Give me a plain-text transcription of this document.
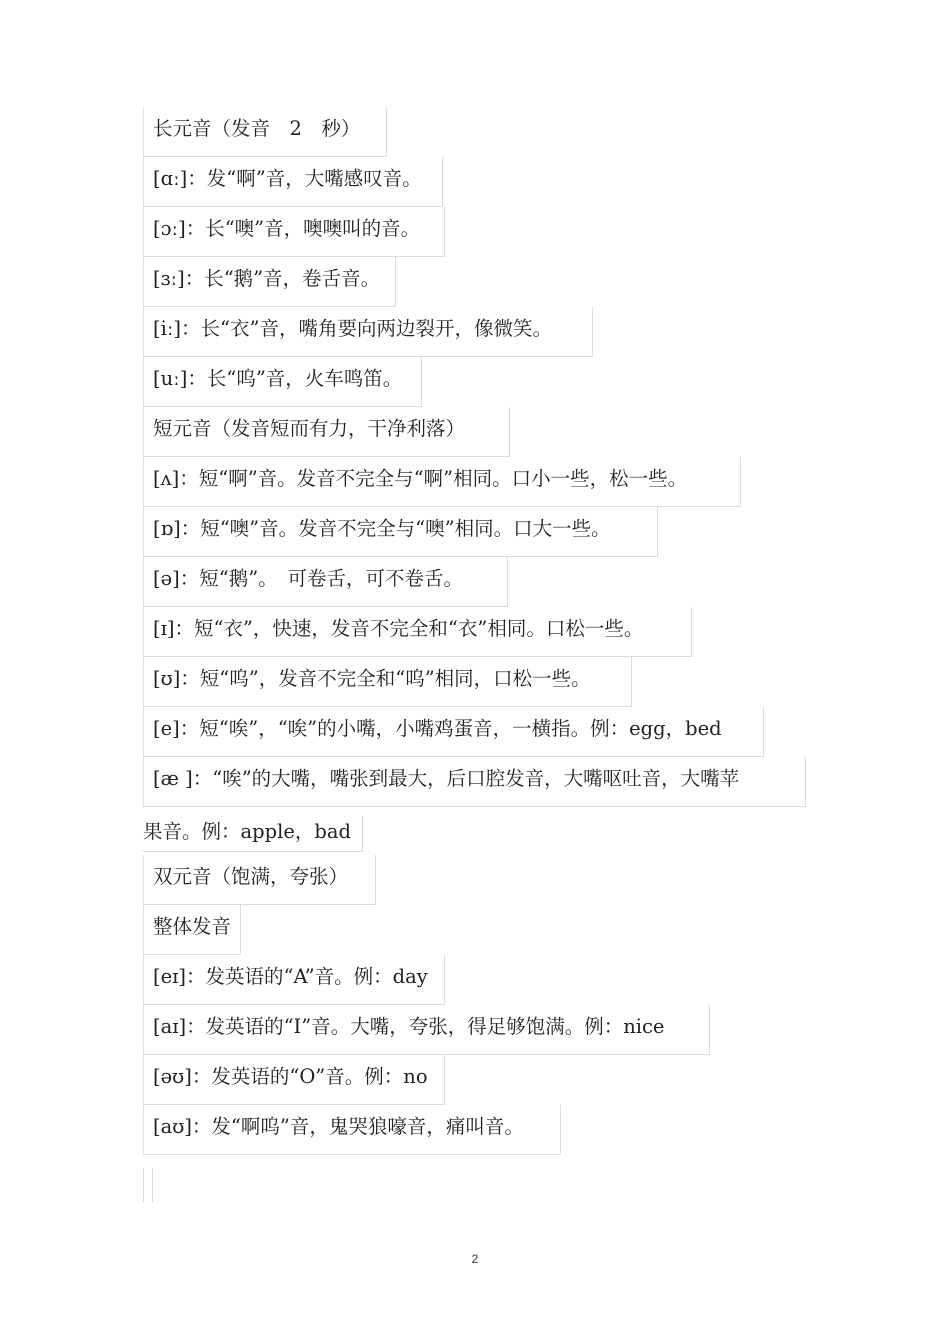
长元音（发音　2　秒）
[ɑː]：发“啊”音，大嘴感叹音。
[ɔː]：长“噢”音，噢噢叫的音。
[ɜː]：长“鹅”音，卷舌音。
[iː]：长“衣”音，嘴角要向两边裂开，像微笑。
[uː]：长“呜”音，火车鸣笛。
短元音（发音短而有力，干净利落）
[ʌ]：短“啊”音。发音不完全与“啊”相同。口小一些，松一些。
[ɒ]：短“噢”音。发音不完全与“噢”相同。口大一些。
[ə]：短“鹅”。　可卷舌，可不卷舌。
[ɪ]：短“衣”，快速，发音不完全和“衣”相同。口松一些。
[ʊ]：短“呜”，发音不完全和“呜”相同，口松一些。
[e]：短“唉”，“唉”的小嘴，小嘴鸡蛋音，一横指。例：egg，bed
[æ ]：“唉”的大嘴，嘴张到最大，后口腔发音，大嘴呕吐音，大嘴苹
果音。例：apple，bad
双元音（饱满，夸张）
整体发音
[eɪ]：发英语的“A”音。例：day
[aɪ]：发英语的“I”音。大嘴，夸张，得足够饱满。例：nice
[əʊ]：发英语的“O”音。例：no
[aʊ]：发“啊呜”音，鬼哭狼嚎音，痛叫音。
2
